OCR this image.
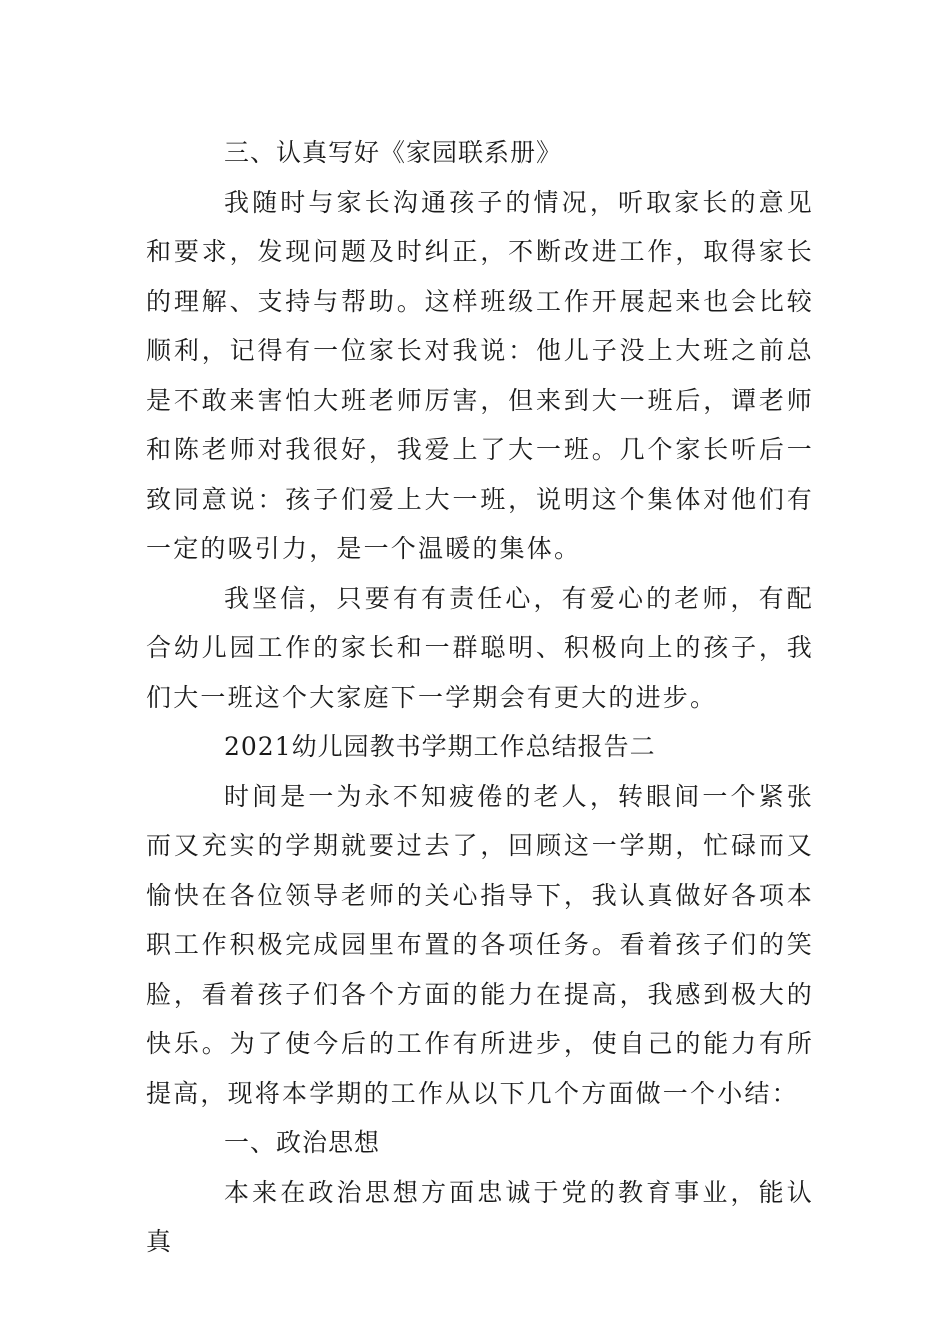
三、认真写好《家园联系册》

我随时与家长沟通孩子的情况，听取家长的意见和要求，发现问题及时纠正，不断改进工作，取得家长的理解、支持与帮助。这样班级工作开展起来也会比较顺利，记得有一位家长对我说：他儿子没上大班之前总是不敢来害怕大班老师厉害，但来到大一班后，谭老师和陈老师对我很好，我爱上了大一班。几个家长听后一致同意说：孩子们爱上大一班，说明这个集体对他们有一定的吸引力，是一个温暖的集体。

我坚信，只要有有责任心，有爱心的老师，有配合幼儿园工作的家长和一群聪明、积极向上的孩子，我们大一班这个大家庭下一学期会有更大的进步。

2021幼儿园教书学期工作总结报告二

时间是一为永不知疲倦的老人，转眼间一个紧张而又充实的学期就要过去了，回顾这一学期，忙碌而又愉快在各位领导老师的关心指导下，我认真做好各项本职工作积极完成园里布置的各项任务。看着孩子们的笑脸，看着孩子们各个方面的能力在提高，我感到极大的快乐。为了使今后的工作有所进步，使自己的能力有所提高，现将本学期的工作从以下几个方面做一个小结：

一、政治思想

本来在政治思想方面忠诚于党的教育事业，能认真
